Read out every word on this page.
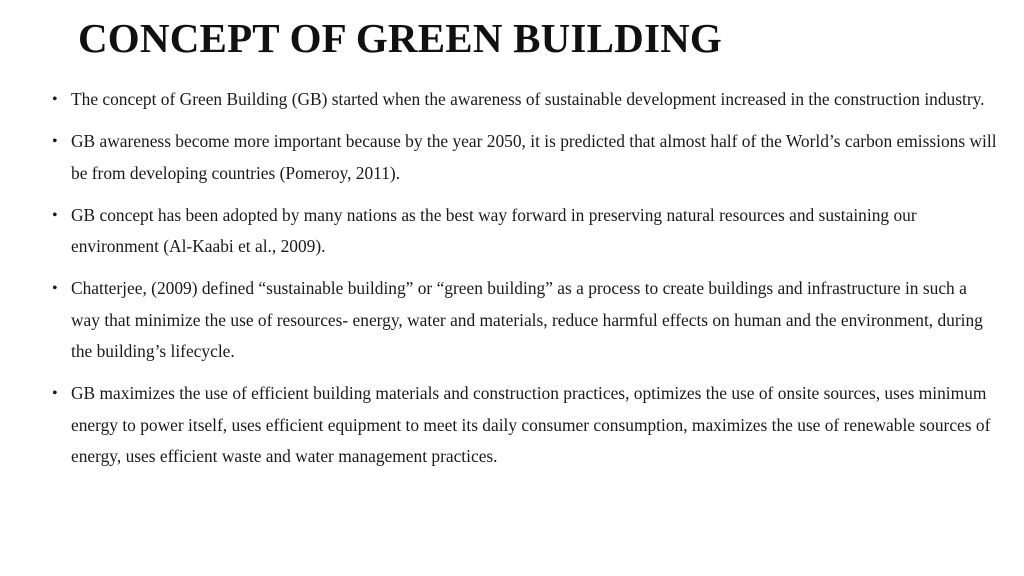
CONCEPT OF GREEN BUILDING
• The concept of Green Building (GB) started when the awareness of sustainable development increased in the construction industry.
• GB awareness become more important because by the year 2050, it is predicted that almost half of the World’s carbon emissions will be from developing countries (Pomeroy, 2011).
• GB concept has been adopted by many nations as the best way forward in preserving natural resources and sustaining our environment (Al-Kaabi et al., 2009).
• Chatterjee, (2009) defined “sustainable building” or “green building” as a process to create buildings and infrastructure in such a way that minimize the use of resources- energy, water and materials, reduce harmful effects on human and the environment, during the building’s lifecycle.
• GB maximizes the use of efficient building materials and construction practices, optimizes the use of onsite sources, uses minimum energy to power itself, uses efficient equipment to meet its daily consumer consumption, maximizes the use of renewable sources of energy, uses efficient waste and water management practices.
